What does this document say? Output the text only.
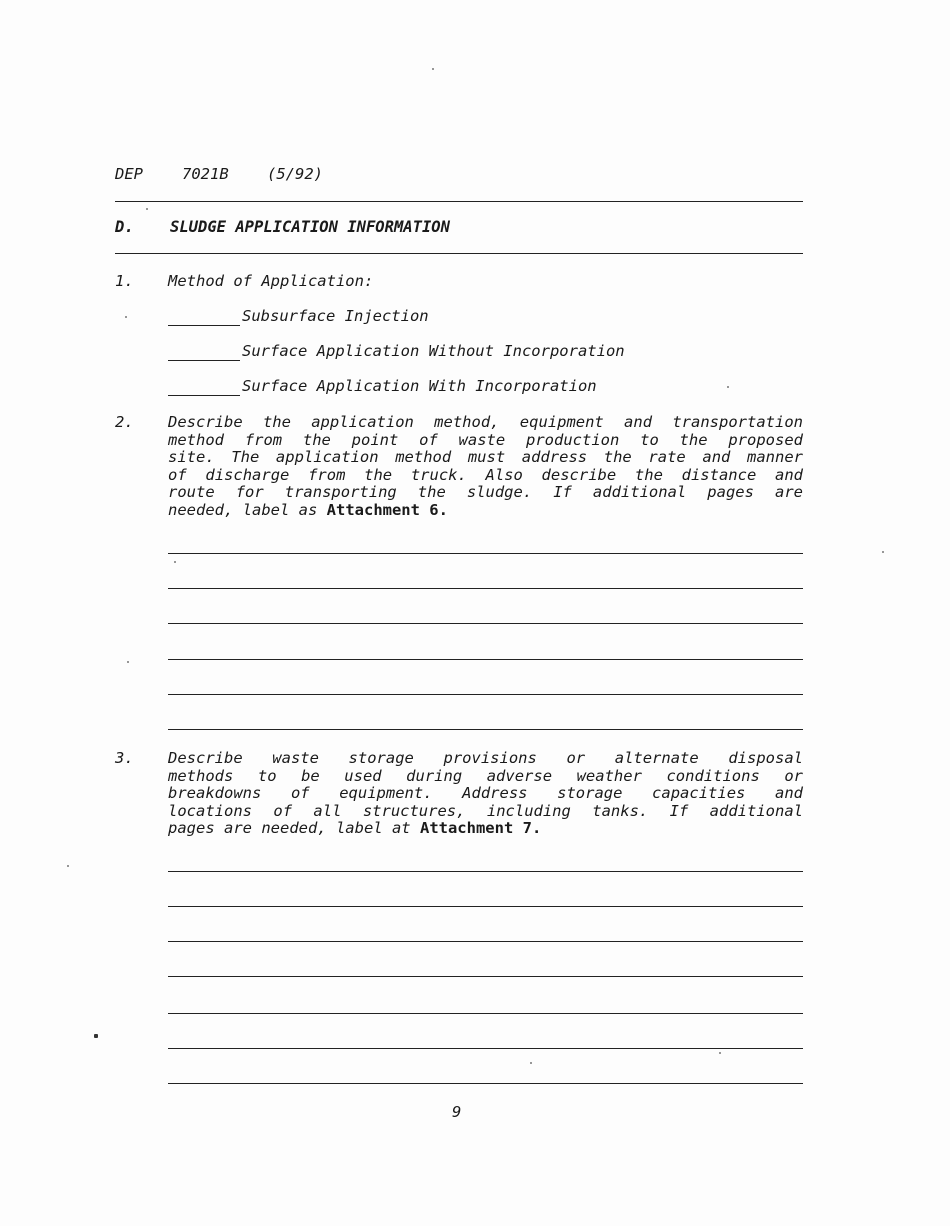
DEP	7021B (5/92)
D. SLUDGE APPLICATION INFORMATION
1. Method of Application:
Subsurface Injection
Surface Application Without Incorporation
Surface Application With Incorporation
2. Describe the application method, equipment and transportation
method from the point of waste production to the proposed
site. The application method must address the rate and manner
of discharge from the truck. Also describe the distance and
route for transporting the sludge. If additional pages are
needed, label as Attachment 6.
3. Describe waste storage provisions or alternate disposal
methods to be used during adverse weather conditions or
breakdowns of equipment. Address storage capacities and
locations of all structures, including tanks. If additional
pages are needed, label at Attachment 7.
9
